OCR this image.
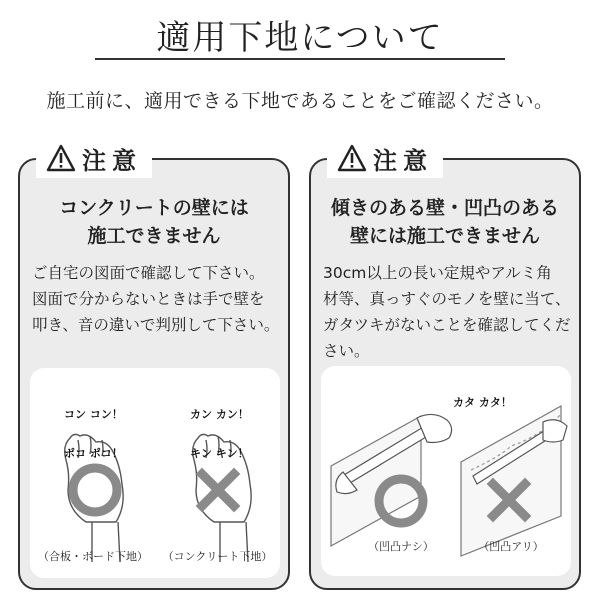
適用下地について
施工前に、適用できる下地であることをご確認ください。
注意
コンクリートの壁には
施工できません
ご自宅の図面で確認して下さい。
図面で分からないときは手で壁を
叩き、音の違いで判別して下さい。

コン コン！

ポコ ポコ！

カン カン！

キン キン！

（合板・ボード下地） （コンクリート下地）
注意
傾きのある壁・凹凸のある
壁には施工できません
30cm以上の長い定規やアルミ角
材等、真っすぐのモノを壁に当て、
ガタツキがないことを確認してくだ
さい。
カタ カタ！
（凹凸ナシ）	（凹凸アリ）
